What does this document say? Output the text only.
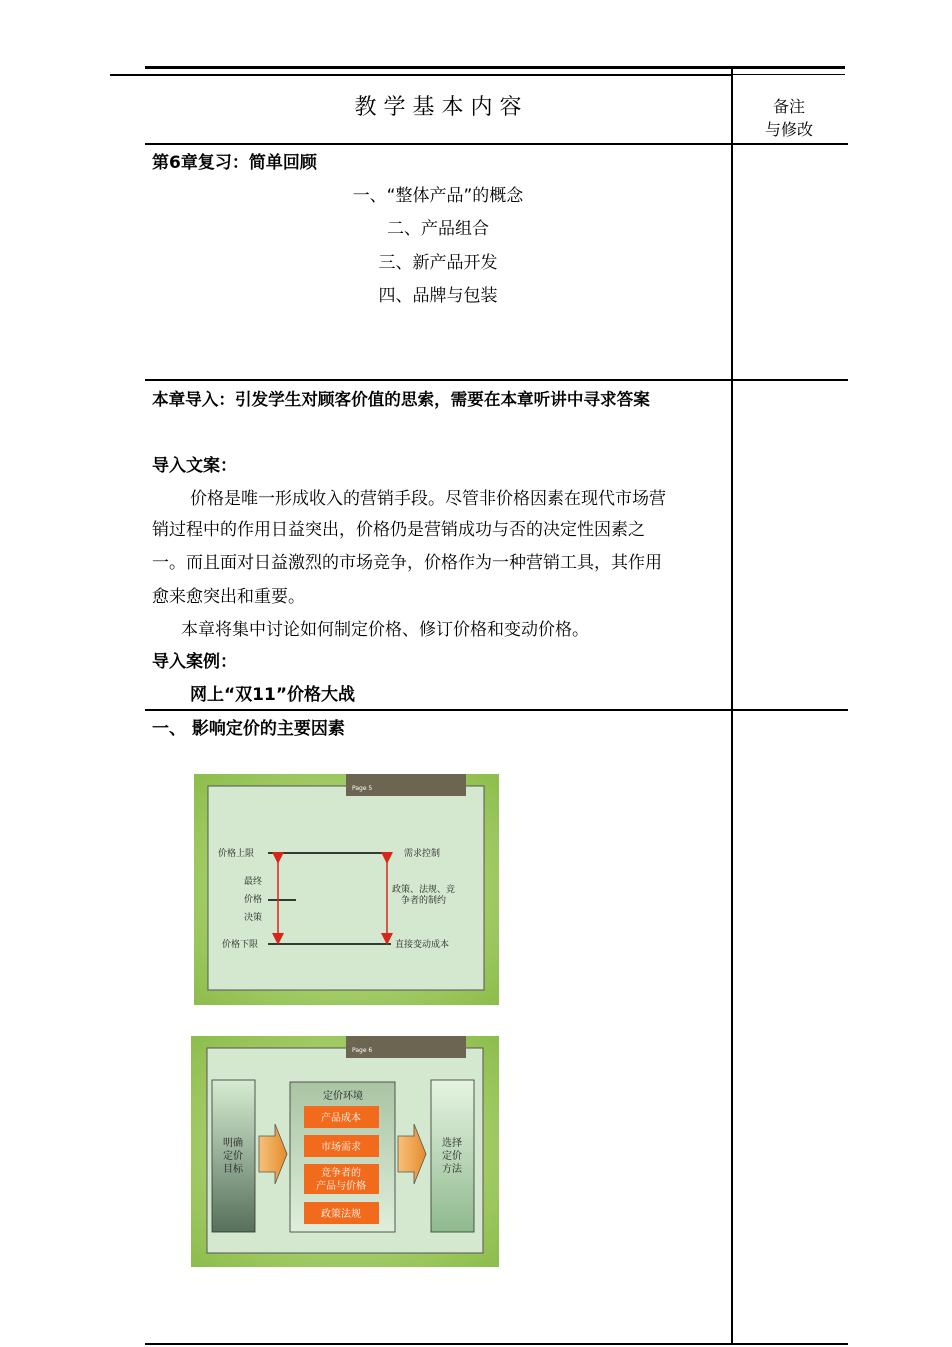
教 学 基 本 内 容	备注
与修改
第6章复习：简单回顾
一、“整体产品”的概念
二、产品组合
三、新产品开发
四、品牌与包装
本章导入：引发学生对顾客价值的思索，需要在本章听讲中寻求答案
导入文案：
价格是唯一形成收入的营销手段。尽管非价格因素在现代市场营
销过程中的作用日益突出，价格仍是营销成功与否的决定性因素之
一。而且面对日益激烈的市场竞争，价格作为一种营销工具，其作用
愈来愈突出和重要。
本章将集中讨论如何制定价格、修订价格和变动价格。
导入案例：
网上“双11”价格大战
一、 影响定价的主要因素
Page 5
价格上限
价格下限
最终
价格
决策
需求控制
政策、法规、竞
争者的制约
直接变动成本
Page 6
明确
定价
目标
定价环境
产品成本
市场需求
竞争者的
产品与价格
政策法规
选择
定价
方法
